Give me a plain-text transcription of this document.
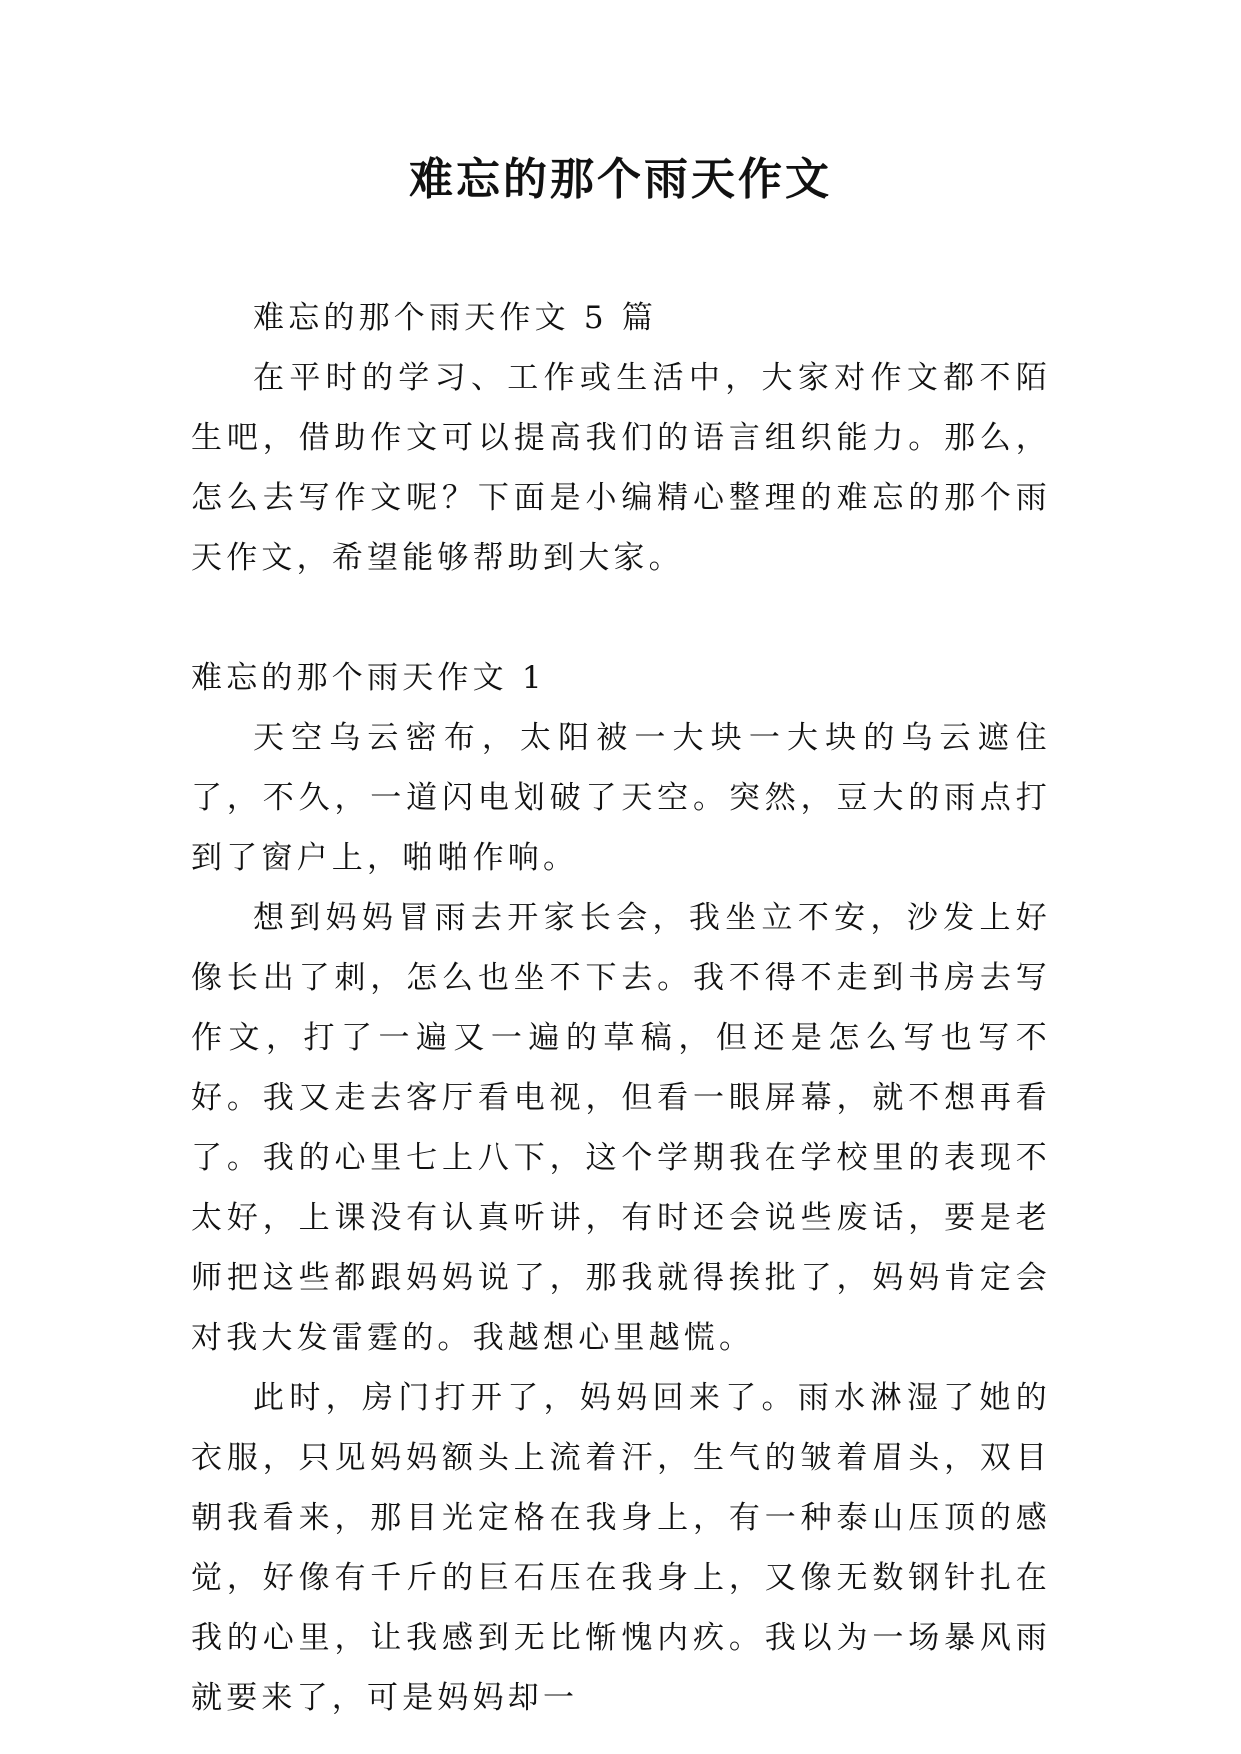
难忘的那个雨天作文

难忘的那个雨天作文 5 篇

在平时的学习、工作或生活中，大家对作文都不陌生吧，借助作文可以提高我们的语言组织能力。那么，怎么去写作文呢？下面是小编精心整理的难忘的那个雨天作文，希望能够帮助到大家。

难忘的那个雨天作文 1

天空乌云密布，太阳被一大块一大块的乌云遮住了，不久，一道闪电划破了天空。突然，豆大的雨点打到了窗户上，啪啪作响。

想到妈妈冒雨去开家长会，我坐立不安，沙发上好像长出了刺，怎么也坐不下去。我不得不走到书房去写作文，打了一遍又一遍的草稿，但还是怎么写也写不好。我又走去客厅看电视，但看一眼屏幕，就不想再看了。我的心里七上八下，这个学期我在学校里的表现不太好，上课没有认真听讲，有时还会说些废话，要是老师把这些都跟妈妈说了，那我就得挨批了，妈妈肯定会对我大发雷霆的。我越想心里越慌。

此时，房门打开了，妈妈回来了。雨水淋湿了她的衣服，只见妈妈额头上流着汗，生气的皱着眉头，双目朝我看来，那目光定格在我身上，有一种泰山压顶的感觉，好像有千斤的巨石压在我身上，又像无数钢针扎在我的心里，让我感到无比惭愧内疚。我以为一场暴风雨就要来了，可是妈妈却一
